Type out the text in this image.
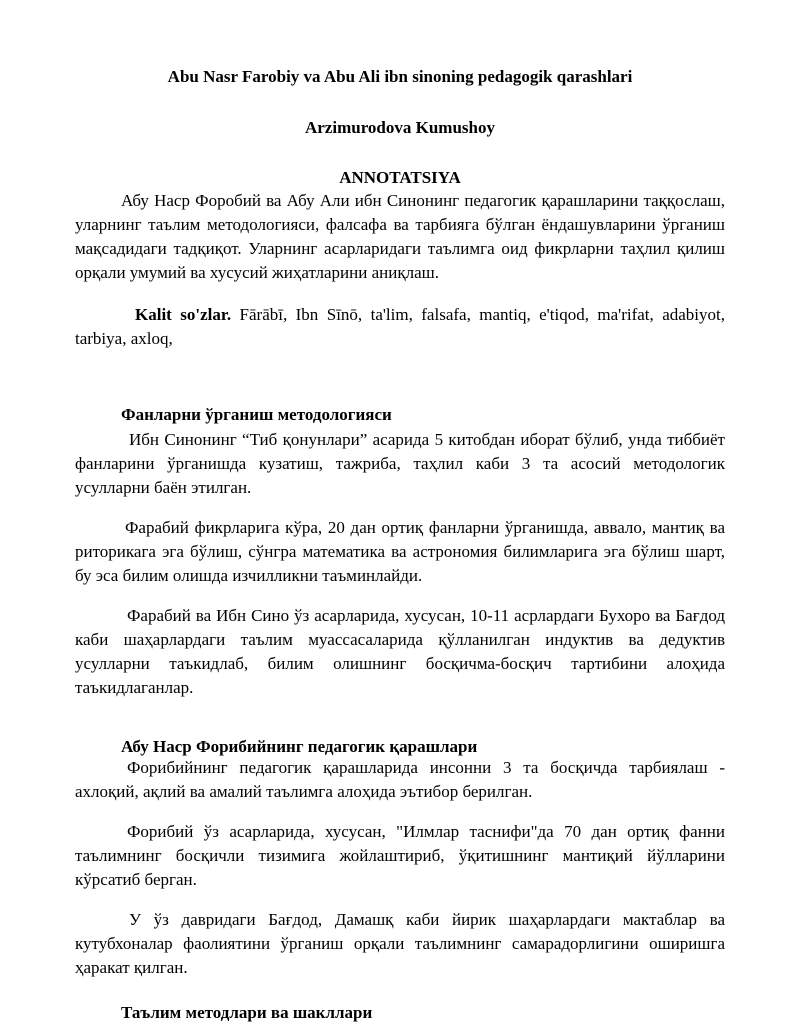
Abu Nasr Farobiy va Abu Ali ibn sinoning pedagogik qarashlari
Arzimurodova Kumushoy
ANNOTATSIYA

Абу Наср Форобий ва Абу Али ибн Синонинг педагогик қарашларини таққослаш, уларнинг таълим методологияси, фалсафа ва тарбияга бўлган ёндашувларини ўрганиш мақсадидаги тадқиқот. Уларнинг асарларидаги таълимга оид фикрларни таҳлил қилиш орқали умумий ва хусусий жиҳатларини аниқлаш.

Kalit so'zlar. Fārābī, Ibn Sīnō, ta'lim, falsafa, mantiq, e'tiqod, ma'rifat, adabiyot, tarbiya, axloq,

Фанларни ўрганиш методологияси

Ибн Синонинг “Тиб қонунлари” асарида 5 китобдан иборат бўлиб, унда тиббиёт фанларини ўрганишда кузатиш, тажриба, таҳлил каби 3 та асосий методологик усулларни баён этилган.

Фарабий фикрларига кўра, 20 дан ортиқ фанларни ўрганишда, аввало, мантиқ ва риторикага эга бўлиш, сўнгра математика ва астрономия билимларига эга бўлиш шарт, бу эса билим олишда изчилликни таъминлайди.

Фарабий ва Ибн Сино ўз асарларида, хусусан, 10-11 асрлардаги Бухоро ва Бағдод каби шаҳарлардаги таълим муассасаларида қўлланилган индуктив ва дедуктив усулларни таъкидлаб, билим олишнинг босқичма-босқич тартибини алоҳида таъкидлаганлар.

Абу Наср Форибийнинг педагогик қарашлари

Форибийнинг педагогик қарашларида инсонни 3 та босқичда тарбиялаш - ахлоқий, ақлий ва амалий таълимга алоҳида эътибор берилган.

Форибий ўз асарларида, хусусан, "Илмлар таснифи"да 70 дан ортиқ фанни таълимнинг босқичли тизимига жойлаштириб, ўқитишнинг мантиқий йўлларини кўрсатиб берган.

У ўз давридаги Бағдод, Дамашқ каби йирик шаҳарлардаги мактаблар ва кутубхоналар фаолиятини ўрганиш орқали таълимнинг самарадорлигини оширишга ҳаракат қилган.

Таълим методлари ва шакллари
